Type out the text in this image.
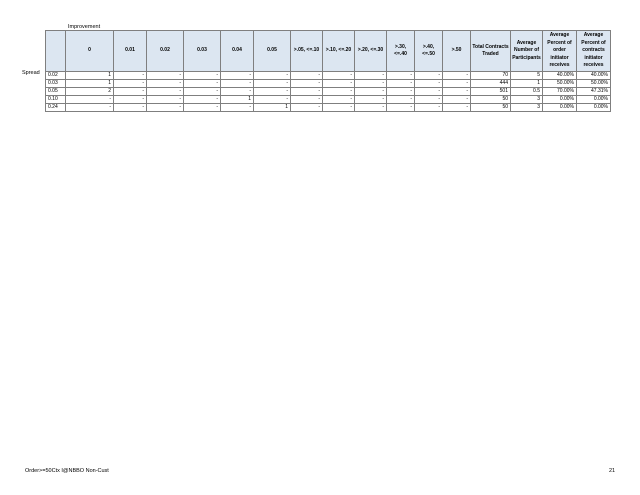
Improvement
Spread
	0	0.01	0.02	0.03	0.04	0.05	>.05, <=.10	>.10, <=.20	>.20, <=.30	>.30, <=.40	>.40, <=.50	>.50	Total Contracts Traded	Average Number of Participants	Average Percent of order initiator receives	Average Percent of contracts initiator receives
0.02	1	-	-	-	-	-	-	-	-	-	-	-	70	5	40.00%	40.00%
0.03	1	-	-	-	-	-	-	-	-	-	-	-	444	1	50.00%	50.00%
0.05	2	-	-	-	-	-	-	-	-	-	-	-	501	0.5	70.00%	47.31%
0.10	-	-	-	-	1	-	-	-	-	-	-	-	50	3	0.00%	0.00%
0.24	-	-	-	-	-	1	-	-	-	-	-	-	50	3	0.00%	0.00%
Order>=50Ctx I@NBBO Non-Cust	21
